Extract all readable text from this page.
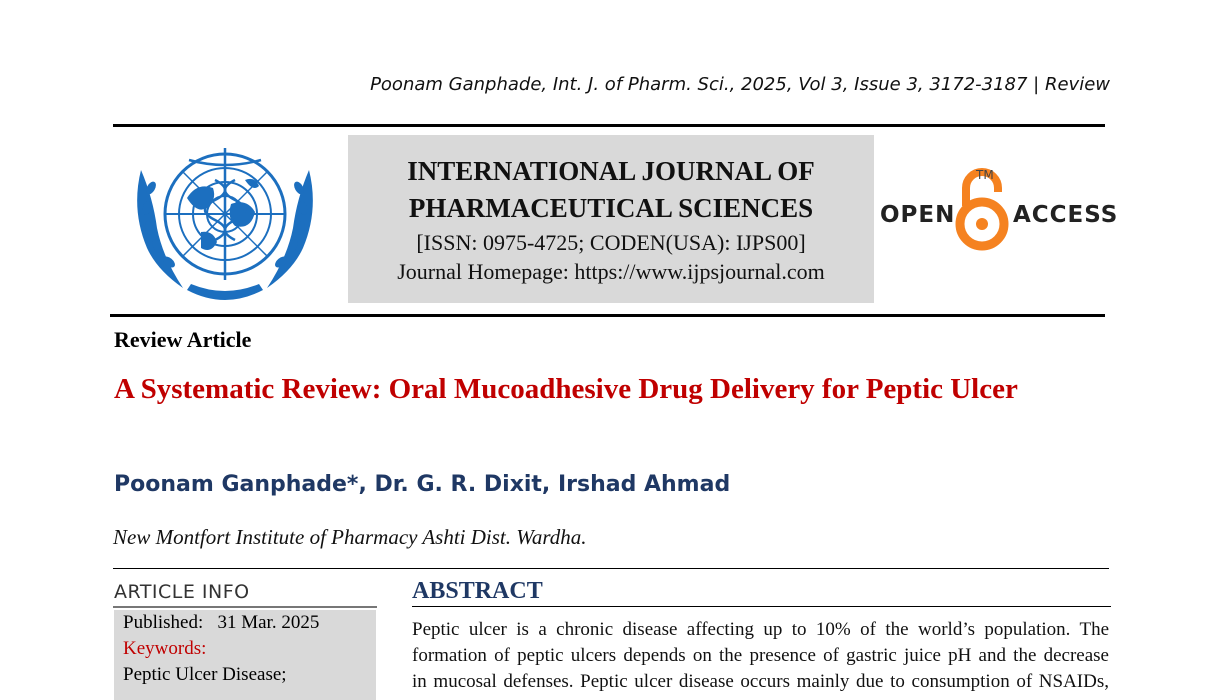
Poonam Ganphade, Int. J. of Pharm. Sci., 2025, Vol 3, Issue 3, 3172-3187 | Review
INTERNATIONAL JOURNAL OF
PHARMACEUTICAL SCIENCES
[ISSN: 0975-4725; CODEN(USA): IJPS00]
Journal Homepage: https://www.ijpsjournal.com
OPEN
TM
ACCESS
Review Article
A Systematic Review: Oral Mucoadhesive Drug Delivery for Peptic Ulcer
Poonam Ganphade*, Dr. G. R. Dixit, Irshad Ahmad
New Montfort Institute of Pharmacy Ashti Dist. Wardha.
ARTICLE INFO
Published: 31 Mar. 2025
Keywords:
Peptic Ulcer Disease;
ABSTRACT
Peptic ulcer is a chronic disease affecting up to 10% of the world’s population. The
formation of peptic ulcers depends on the presence of gastric juice pH and the decrease
in mucosal defenses. Peptic ulcer disease occurs mainly due to consumption of NSAIDs,
